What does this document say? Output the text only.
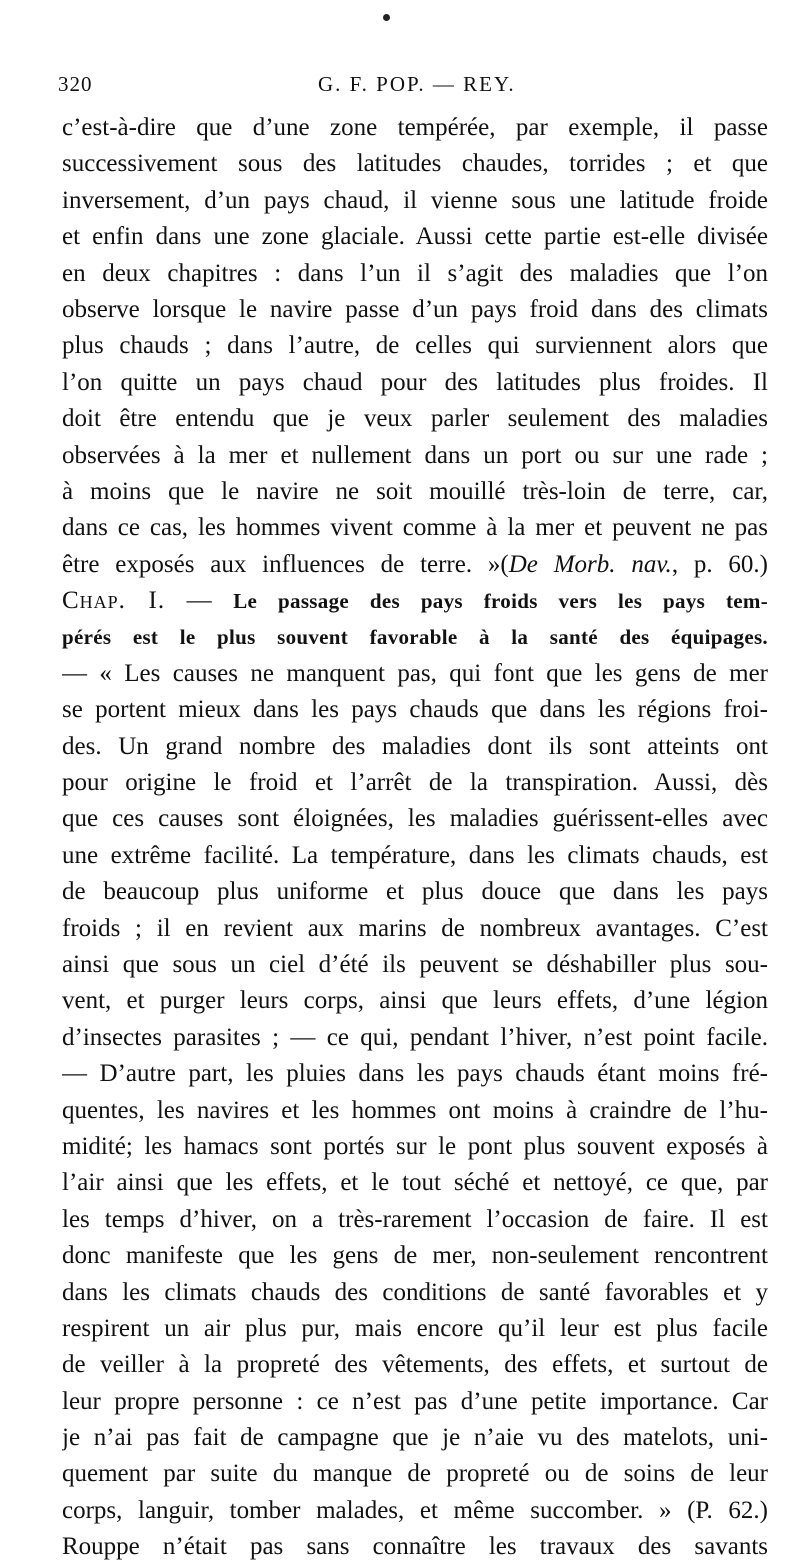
320	G. F. POP. — REY.
c’est-à-dire que d’une zone tempérée, par exemple, il passe
successivement sous des latitudes chaudes, torrides ; et que
inversement, d’un pays chaud, il vienne sous une latitude froide
et enfin dans une zone glaciale. Aussi cette partie est-elle divisée
en deux chapitres : dans l’un il s’agit des maladies que l’on
observe lorsque le navire passe d’un pays froid dans des climats
plus chauds ; dans l’autre, de celles qui surviennent alors que
l’on quitte un pays chaud pour des latitudes plus froides. Il
doit être entendu que je veux parler seulement des maladies
observées à la mer et nullement dans un port ou sur une rade ;
à moins que le navire ne soit mouillé très-loin de terre, car,
dans ce cas, les hommes vivent comme à la mer et peuvent ne pas
être exposés aux influences de terre. »(De Morb. nav., p. 60.)
Chap. I. — Le passage des pays froids vers les pays tem-
pérés est le plus souvent favorable à la santé des équipages.
— « Les causes ne manquent pas, qui font que les gens de mer
se portent mieux dans les pays chauds que dans les régions froi-
des. Un grand nombre des maladies dont ils sont atteints ont
pour origine le froid et l’arrêt de la transpiration. Aussi, dès
que ces causes sont éloignées, les maladies guérissent-elles avec
une extrême facilité. La température, dans les climats chauds, est
de beaucoup plus uniforme et plus douce que dans les pays
froids ; il en revient aux marins de nombreux avantages. C’est
ainsi que sous un ciel d’été ils peuvent se déshabiller plus sou-
vent, et purger leurs corps, ainsi que leurs effets, d’une légion
d’insectes parasites ; — ce qui, pendant l’hiver, n’est point facile.
— D’autre part, les pluies dans les pays chauds étant moins fré-
quentes, les navires et les hommes ont moins à craindre de l’hu-
midité; les hamacs sont portés sur le pont plus souvent exposés à
l’air ainsi que les effets, et le tout séché et nettoyé, ce que, par
les temps d’hiver, on a très-rarement l’occasion de faire. Il est
donc manifeste que les gens de mer, non-seulement rencontrent
dans les climats chauds des conditions de santé favorables et y
respirent un air plus pur, mais encore qu’il leur est plus facile
de veiller à la propreté des vêtements, des effets, et surtout de
leur propre personne : ce n’est pas d’une petite importance. Car
je n’ai pas fait de campagne que je n’aie vu des matelots, uni-
quement par suite du manque de propreté ou de soins de leur
corps, languir, tomber malades, et même succomber. » (P. 62.)
Rouppe n’était pas sans connaître les travaux des savants
